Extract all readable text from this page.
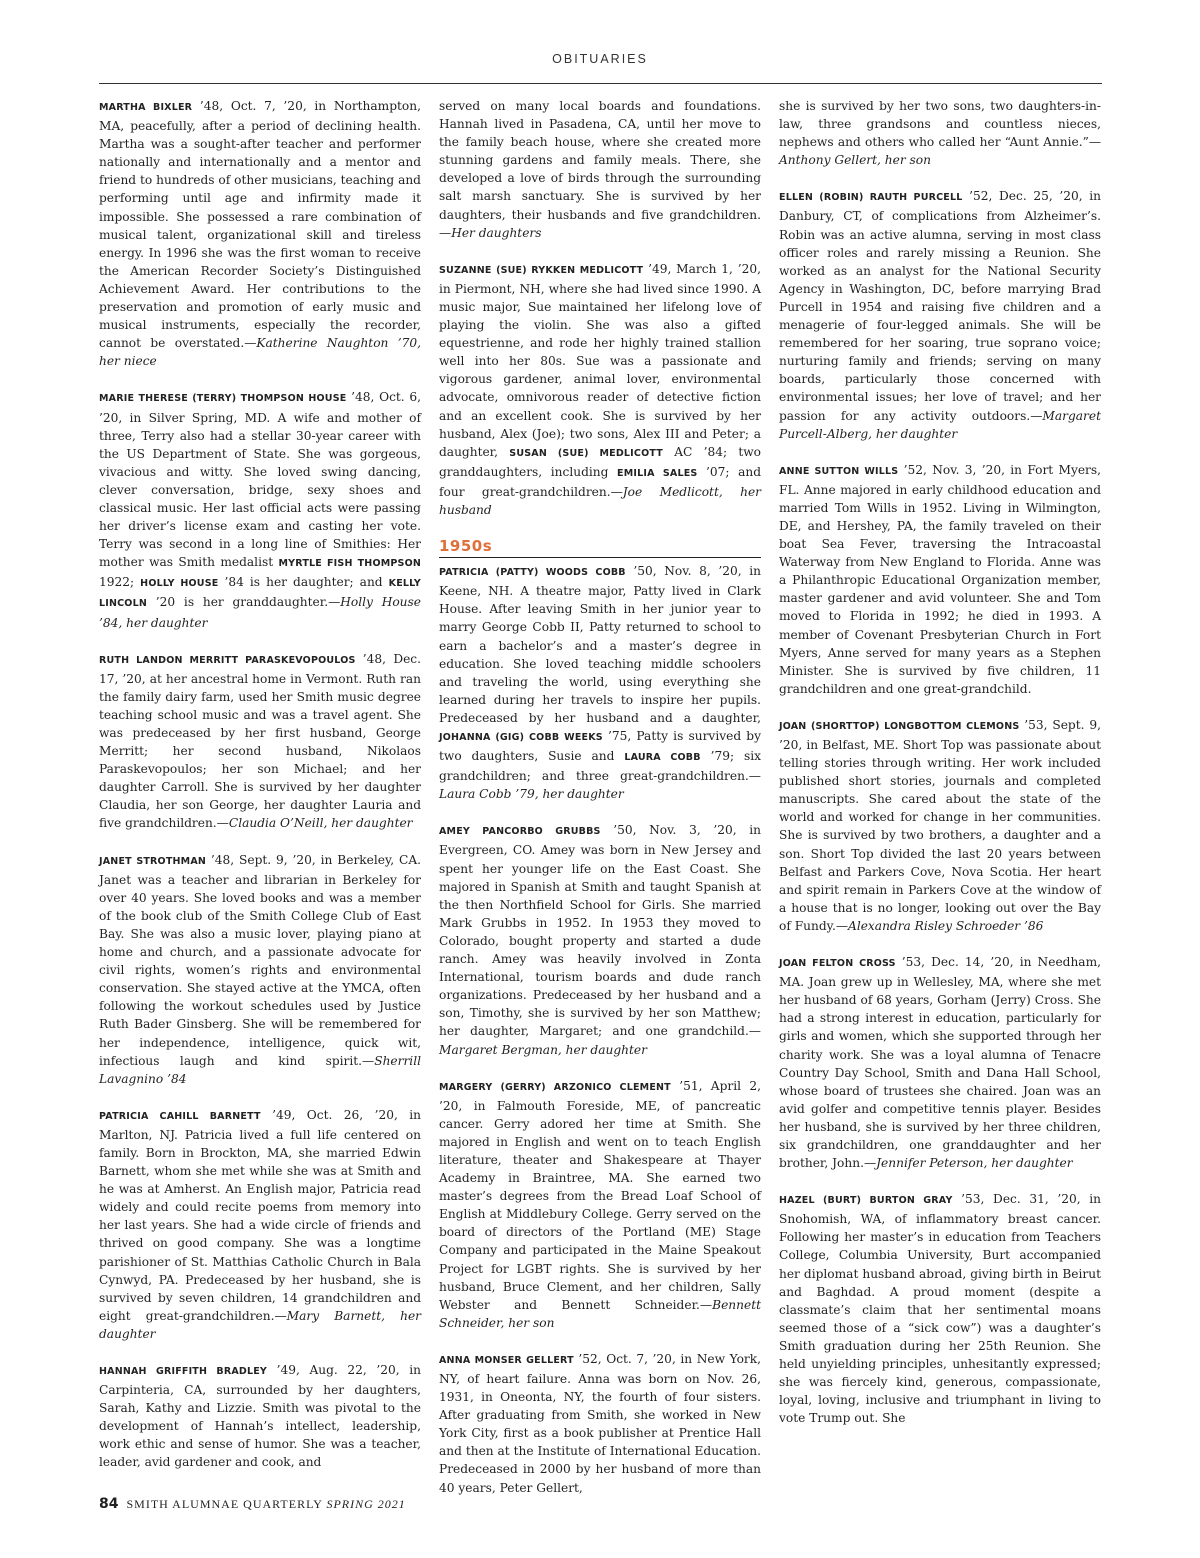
OBITUARIES

MARTHA BIXLER ’48, Oct. 7, ’20, in Northampton, MA, peacefully, after a period of declining health. Martha was a sought-after teacher and performer nationally and internationally and a mentor and friend to hundreds of other musicians, teaching and performing until age and infirmity made it impossible. She possessed a rare combination of musical talent, organizational skill and tireless energy. In 1996 she was the first woman to receive the American Recorder Society’s Distinguished Achievement Award. Her contributions to the preservation and promotion of early music and musical instruments, especially the recorder, cannot be overstated.—Katherine Naughton ’70, her niece

MARIE THERESE (TERRY) THOMPSON HOUSE ’48, Oct. 6, ’20, in Silver Spring, MD. A wife and mother of three, Terry also had a stellar 30-year career with the US Department of State. She was gorgeous, vivacious and witty. She loved swing dancing, clever conversation, bridge, sexy shoes and classical music. Her last official acts were passing her driver’s license exam and casting her vote. Terry was second in a long line of Smithies: Her mother was Smith medalist MYRTLE FISH THOMPSON 1922; HOLLY HOUSE ’84 is her daughter; and KELLY LINCOLN ’20 is her granddaughter.—Holly House ’84, her daughter

RUTH LANDON MERRITT PARASKEVOPOULOS ’48, Dec. 17, ’20, at her ancestral home in Vermont. Ruth ran the family dairy farm, used her Smith music degree teaching school music and was a travel agent. She was predeceased by her first husband, George Merritt; her second husband, Nikolaos Paraskevopoulos; her son Michael; and her daughter Carroll. She is survived by her daughter Claudia, her son George, her daughter Lauria and five grandchildren.—Claudia O’Neill, her daughter

JANET STROTHMAN ’48, Sept. 9, ’20, in Berkeley, CA. Janet was a teacher and librarian in Berkeley for over 40 years. She loved books and was a member of the book club of the Smith College Club of East Bay. She was also a music lover, playing piano at home and church, and a passionate advocate for civil rights, women’s rights and environmental conservation. She stayed active at the YMCA, often following the workout schedules used by Justice Ruth Bader Ginsberg. She will be remembered for her independence, intelligence, quick wit, infectious laugh and kind spirit.—Sherrill Lavagnino ’84

PATRICIA CAHILL BARNETT ’49, Oct. 26, ’20, in Marlton, NJ. Patricia lived a full life centered on family. Born in Brockton, MA, she married Edwin Barnett, whom she met while she was at Smith and he was at Amherst. An English major, Patricia read widely and could recite poems from memory into her last years. She had a wide circle of friends and thrived on good company. She was a longtime parishioner of St. Matthias Catholic Church in Bala Cynwyd, PA. Predeceased by her husband, she is survived by seven children, 14 grandchildren and eight great-grandchildren.—Mary Barnett, her daughter

HANNAH GRIFFITH BRADLEY ’49, Aug. 22, ’20, in Carpinteria, CA, surrounded by her daughters, Sarah, Kathy and Lizzie. Smith was pivotal to the development of Hannah’s intellect, leadership, work ethic and sense of humor. She was a teacher, leader, avid gardener and cook, and

served on many local boards and foundations. Hannah lived in Pasadena, CA, until her move to the family beach house, where she created more stunning gardens and family meals. There, she developed a love of birds through the surrounding salt marsh sanctuary. She is survived by her daughters, their husbands and five grandchildren.—Her daughters

SUZANNE (SUE) RYKKEN MEDLICOTT ’49, March 1, ’20, in Piermont, NH, where she had lived since 1990. A music major, Sue maintained her lifelong love of playing the violin. She was also a gifted equestrienne, and rode her highly trained stallion well into her 80s. Sue was a passionate and vigorous gardener, animal lover, environmental advocate, omnivorous reader of detective fiction and an excellent cook. She is survived by her husband, Alex (Joe); two sons, Alex III and Peter; a daughter, SUSAN (SUE) MEDLICOTT AC ’84; two granddaughters, including EMILIA SALES ’07; and four great-grandchildren.—Joe Medlicott, her husband

1950s

PATRICIA (PATTY) WOODS COBB ’50, Nov. 8, ’20, in Keene, NH. A theatre major, Patty lived in Clark House. After leaving Smith in her junior year to marry George Cobb II, Patty returned to school to earn a bachelor’s and a master’s degree in education. She loved teaching middle schoolers and traveling the world, using everything she learned during her travels to inspire her pupils. Predeceased by her husband and a daughter, JOHANNA (GIG) COBB WEEKS ’75, Patty is survived by two daughters, Susie and LAURA COBB ’79; six grandchildren; and three great-grandchildren.—Laura Cobb ’79, her daughter

AMEY PANCORBO GRUBBS ’50, Nov. 3, ’20, in Evergreen, CO. Amey was born in New Jersey and spent her younger life on the East Coast. She majored in Spanish at Smith and taught Spanish at the then Northfield School for Girls. She married Mark Grubbs in 1952. In 1953 they moved to Colorado, bought property and started a dude ranch. Amey was heavily involved in Zonta International, tourism boards and dude ranch organizations. Predeceased by her husband and a son, Timothy, she is survived by her son Matthew; her daughter, Margaret; and one grandchild.—Margaret Bergman, her daughter

MARGERY (GERRY) ARZONICO CLEMENT ’51, April 2, ’20, in Falmouth Foreside, ME, of pancreatic cancer. Gerry adored her time at Smith. She majored in English and went on to teach English literature, theater and Shakespeare at Thayer Academy in Braintree, MA. She earned two master’s degrees from the Bread Loaf School of English at Middlebury College. Gerry served on the board of directors of the Portland (ME) Stage Company and participated in the Maine Speakout Project for LGBT rights. She is survived by her husband, Bruce Clement, and her children, Sally Webster and Bennett Schneider.—Bennett Schneider, her son

ANNA MONSER GELLERT ’52, Oct. 7, ’20, in New York, NY, of heart failure. Anna was born on Nov. 26, 1931, in Oneonta, NY, the fourth of four sisters. After graduating from Smith, she worked in New York City, first as a book publisher at Prentice Hall and then at the Institute of International Education. Predeceased in 2000 by her husband of more than 40 years, Peter Gellert,

she is survived by her two sons, two daughters-in-law, three grandsons and countless nieces, nephews and others who called her “Aunt Annie.”—Anthony Gellert, her son

ELLEN (ROBIN) RAUTH PURCELL ’52, Dec. 25, ’20, in Danbury, CT, of complications from Alzheimer’s. Robin was an active alumna, serving in most class officer roles and rarely missing a Reunion. She worked as an analyst for the National Security Agency in Washington, DC, before marrying Brad Purcell in 1954 and raising five children and a menagerie of four-legged animals. She will be remembered for her soaring, true soprano voice; nurturing family and friends; serving on many boards, particularly those concerned with environmental issues; her love of travel; and her passion for any activity outdoors.—Margaret Purcell-Alberg, her daughter

ANNE SUTTON WILLS ’52, Nov. 3, ’20, in Fort Myers, FL. Anne majored in early childhood education and married Tom Wills in 1952. Living in Wilmington, DE, and Hershey, PA, the family traveled on their boat Sea Fever, traversing the Intracoastal Waterway from New England to Florida. Anne was a Philanthropic Educational Organization member, master gardener and avid volunteer. She and Tom moved to Florida in 1992; he died in 1993. A member of Covenant Presbyterian Church in Fort Myers, Anne served for many years as a Stephen Minister. She is survived by five children, 11 grandchildren and one great-grandchild.

JOAN (SHORTTOP) LONGBOTTOM CLEMONS ’53, Sept. 9, ’20, in Belfast, ME. Short Top was passionate about telling stories through writing. Her work included published short stories, journals and completed manuscripts. She cared about the state of the world and worked for change in her communities. She is survived by two brothers, a daughter and a son. Short Top divided the last 20 years between Belfast and Parkers Cove, Nova Scotia. Her heart and spirit remain in Parkers Cove at the window of a house that is no longer, looking out over the Bay of Fundy.—Alexandra Risley Schroeder ’86

JOAN FELTON CROSS ’53, Dec. 14, ’20, in Needham, MA. Joan grew up in Wellesley, MA, where she met her husband of 68 years, Gorham (Jerry) Cross. She had a strong interest in education, particularly for girls and women, which she supported through her charity work. She was a loyal alumna of Tenacre Country Day School, Smith and Dana Hall School, whose board of trustees she chaired. Joan was an avid golfer and competitive tennis player. Besides her husband, she is survived by her three children, six grandchildren, one granddaughter and her brother, John.—Jennifer Peterson, her daughter

HAZEL (BURT) BURTON GRAY ’53, Dec. 31, ’20, in Snohomish, WA, of inflammatory breast cancer. Following her master’s in education from Teachers College, Columbia University, Burt accompanied her diplomat husband abroad, giving birth in Beirut and Baghdad. A proud moment (despite a classmate’s claim that her sentimental moans seemed those of a “sick cow”) was a daughter’s Smith graduation during her 25th Reunion. She held unyielding principles, unhesitantly expressed; she was fiercely kind, generous, compassionate, loyal, loving, inclusive and triumphant in living to vote Trump out. She

84 SMITH ALUMNAE QUARTERLY SPRING 2021
